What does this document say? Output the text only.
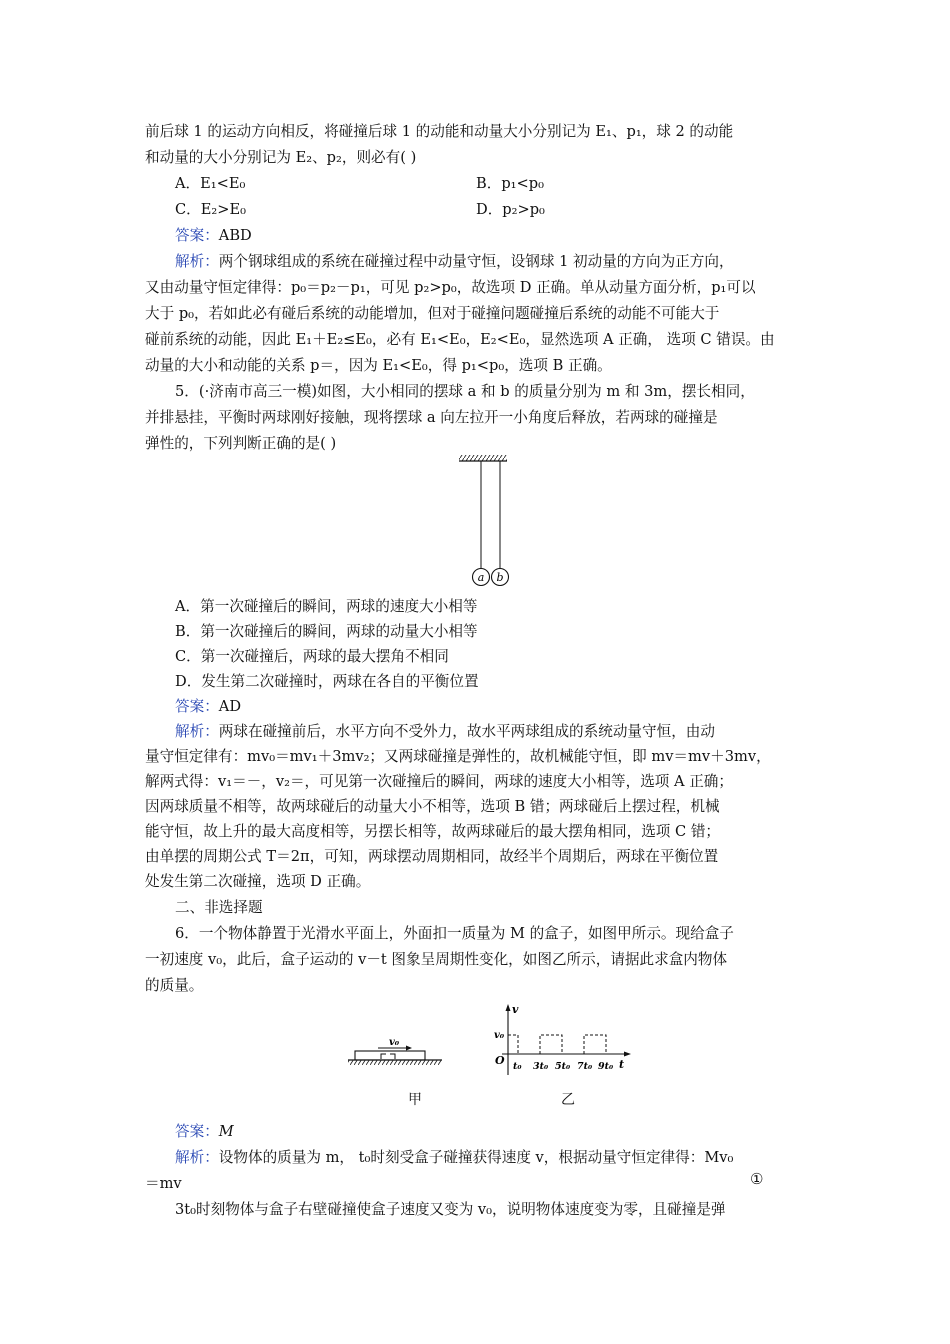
前后球 1 的运动方向相反，将碰撞后球 1 的动能和动量大小分别记为 E₁、p₁，球 2 的动能
和动量的大小分别记为 E₂、p₂，则必有( )
A．E₁<E₀	B．p₁<p₀
C．E₂>E₀	D．p₂>p₀
答案：ABD
解析：两个钢球组成的系统在碰撞过程中动量守恒，设钢球 1 初动量的方向为正方向，
又由动量守恒定律得：p₀＝p₂－p₁，可见 p₂>p₀，故选项 D 正确。单从动量方面分析，p₁可以
大于 p₀，若如此必有碰后系统的动能增加，但对于碰撞问题碰撞后系统的动能不可能大于
碰前系统的动能，因此 E₁＋E₂≤E₀，必有 E₁<E₀，E₂<E₀，显然选项 A 正确， 选项 C 错误。由
动量的大小和动能的关系 p＝，因为 E₁<E₀，得 p₁<p₀，选项 B 正确。
5．(·济南市高三一模)如图，大小相同的摆球 a 和 b 的质量分别为 m 和 3m，摆长相同，
并排悬挂，平衡时两球刚好接触，现将摆球 a 向左拉开一小角度后释放，若两球的碰撞是
弹性的，下列判断正确的是( )
a b
A．第一次碰撞后的瞬间，两球的速度大小相等
B．第一次碰撞后的瞬间，两球的动量大小相等
C．第一次碰撞后，两球的最大摆角不相同
D．发生第二次碰撞时，两球在各自的平衡位置
答案：AD
解析：两球在碰撞前后，水平方向不受外力，故水平两球组成的系统动量守恒，由动
量守恒定律有：mv₀＝mv₁＋3mv₂；又两球碰撞是弹性的，故机械能守恒，即 mv＝mv＋3mv，
解两式得：v₁＝－，v₂＝，可见第一次碰撞后的瞬间，两球的速度大小相等，选项 A 正确；
因两球质量不相等，故两球碰后的动量大小不相等，选项 B 错；两球碰后上摆过程，机械
能守恒，故上升的最大高度相等，另摆长相等，故两球碰后的最大摆角相同，选项 C 错；
由单摆的周期公式 T＝2π，可知，两球摆动周期相同，故经半个周期后，两球在平衡位置
处发生第二次碰撞，选项 D 正确。
二、非选择题
6．一个物体静置于光滑水平面上，外面扣一质量为 M 的盒子，如图甲所示。现给盒子
一初速度 v₀，此后，盒子运动的 v－t 图象呈周期性变化，如图乙所示，请据此求盒内物体
的质量。
v₀
v
v₀
O	t
t₀ 3t₀ 5t₀ 7t₀ 9t₀
甲	乙
答案：M
解析：设物体的质量为 m， t₀时刻受盒子碰撞获得速度 v，根据动量守恒定律得：Mv₀
＝mv	①
3t₀时刻物体与盒子右壁碰撞使盒子速度又变为 v₀，说明物体速度变为零，且碰撞是弹
